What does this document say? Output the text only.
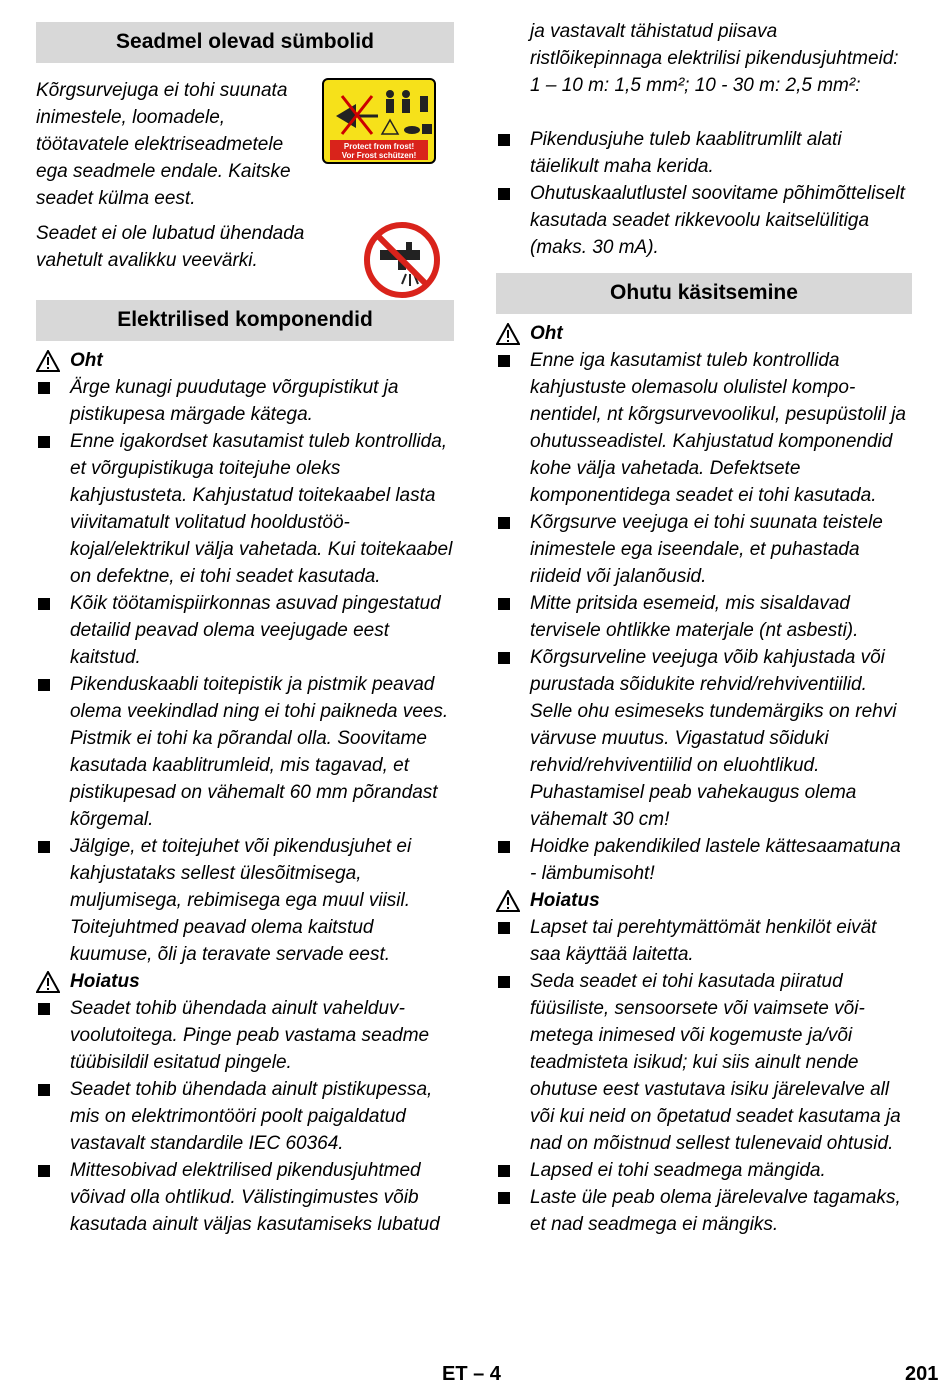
Seadmel olevad sümbolid

Kõrgsurvejuga ei tohi suunata inimestele, loomadele, töötavatele elektriseadmetele ega seadmele endale. Kaitske seadet külma eest.

Seadet ei ole lubatud ühendada vahetult avalikku veevärki.

Protect from frost!
Vor Frost schützen!
Elektrilised komponendid
Oht
Ärge kunagi puudutage võrgupistikut ja pistikupesa märgade kätega.
Enne igakordset kasutamist tuleb kontrollida, et võrgupistikuga toitejuhe oleks kahjustusteta. Kahjustatud toitekaabel lasta viivitamatult volitatud hooldustöökojal/elektrikul välja vahetada. Kui toitekaabel on defektne, ei tohi seadet kasutada.
Kõik töötamispiirkonnas asuvad pingestatud detailid peavad olema veejugade eest kaitstud.
Pikenduskaabli toitepistik ja pistmik peavad olema veekindlad ning ei tohi paikneda vees. Pistmik ei tohi ka põrandal olla. Soovitame kasutada kaablitrumleid, mis tagavad, et pistikupesad on vähemalt 60 mm põrandast kõrgemal.
Jälgige, et toitejuhet või pikendusjuhet ei kahjustataks sellest ülesõitmisega, muljumisega, rebimisega ega muul viisil. Toitejuhtmed peavad olema kaitstud kuumuse, õli ja teravate servade eest.
Hoiatus
Seadet tohib ühendada ainult vahelduvvoolutoitega. Pinge peab vastama seadme tüübisildil esitatud pingele.
Seadet tohib ühendada ainult pistikupessa, mis on elektrimontööri poolt paigaldatud vastavalt standardile IEC 60364.
Mittesobivad elektrilised pikendusjuhtmed võivad olla ohtlikud. Välistingimustes võib kasutada ainult väljas kasutamiseks lubatud
ja vastavalt tähistatud piisava ristlõikepinnaga elektrilisi pikendusjuhtmeid: 1 – 10 m: 1,5 mm²; 10 - 30 m: 2,5 mm²:
Pikendusjuhe tuleb kaablitrumlilt alati täielikult maha kerida.
Ohutuskaalutlustel soovitame põhimõtteliselt kasutada seadet rikkevoolu kaitselülitiga (maks. 30 mA).
Ohutu käsitsemine
Oht
Enne iga kasutamist tuleb kontrollida kahjustuste olemasolu olulistel komponentidel, nt kõrgsurvevoolikul, pesupüstolil ja ohutusseadistel. Kahjustatud komponendid kohe välja vahetada. Defektsete komponentidega seadet ei tohi kasutada.
Kõrgsurve veejuga ei tohi suunata teistele inimestele ega iseendale, et puhastada riideid või jalanõusid.
Mitte pritsida esemeid, mis sisaldavad tervisele ohtlikke materjale (nt asbesti).
Kõrgsurveline veejuga võib kahjustada või purustada sõidukite rehvid/rehviventiilid. Selle ohu esimeseks tundemärgiks on rehvi värvuse muutus. Vigastatud sõiduki rehvid/rehviventiilid on eluohtlikud. Puhastamisel peab vahekaugus olema vähemalt 30 cm!
Hoidke pakendikiled lastele kättesaamatuna - lämbumisoht!
Hoiatus
Lapset tai perehtymättömät henkilöt eivät saa käyttää laitetta.
Seda seadet ei tohi kasutada piiratud füüsiliste, sensoorsete või vaimsete võimetega inimesed või kogemuste ja/või teadmisteta isikud; kui siis ainult nende ohutuse eest vastutava isiku järelevalve all või kui neid on õpetatud seadet kasutama ja nad on mõistnud sellest tulenevaid ohtusid.
Lapsed ei tohi seadmega mängida.
Laste üle peab olema järelevalve tagamaks, et nad seadmega ei mängiks.
ET – 4	201
